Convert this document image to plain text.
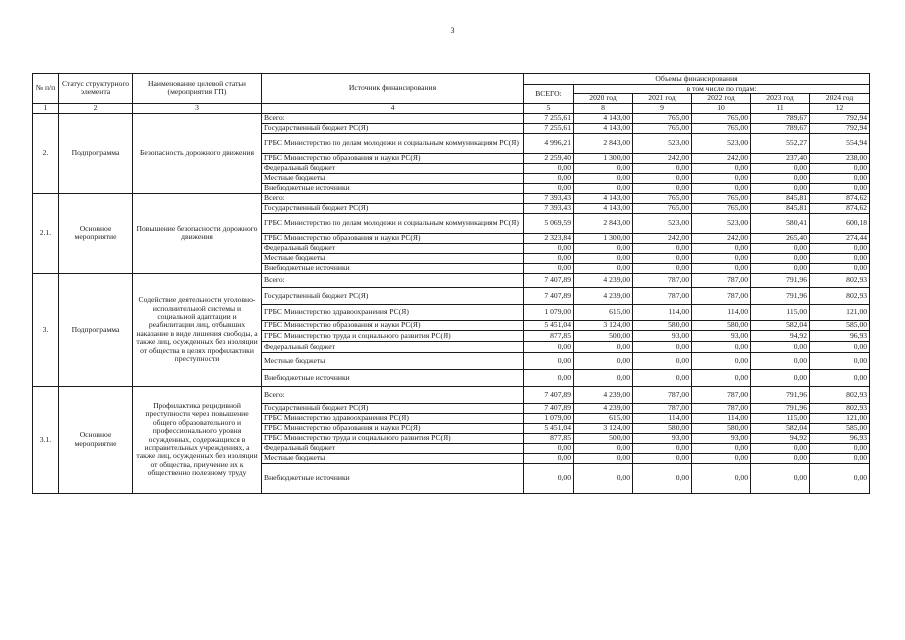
3
№ п/п	Статус структурного элемента	Наименование целевой статьи (мероприятия ГП)	Источник финансирования	Объемы финансирования					
				ВСЕГО:	в том числе по годам:				
					2020 год	2021 год	2022 год	2023 год	2024 год
1	2	3	4	5	8	9	10	11	12
2.	Подпрограмма	Безопасность дорожного движения	Всего:	7 255,61	4 143,00	765,00	765,00	789,67	792,94
			Государственный бюджет РС(Я)	7 255,61	4 143,00	765,00	765,00	789,67	792,94
			ГРБС Министерство по делам молодежи и социальным коммуникациям РС(Я)	4 996,21	2 843,00	523,00	523,00	552,27	554,94
			ГРБС Министерство образования и науки РС(Я)	2 259,40	1 300,00	242,00	242,00	237,40	238,00
			Федеральный бюджет	0,00	0,00	0,00	0,00	0,00	0,00
			Местные бюджеты	0,00	0,00	0,00	0,00	0,00	0,00
			Внебюджетные источники	0,00	0,00	0,00	0,00	0,00	0,00
2.1.	Основное мероприятие	Повышение безопасности дорожного движения	Всего:	7 393,43	4 143,00	765,00	765,00	845,81	874,62
			Государственный бюджет РС(Я)	7 393,43	4 143,00	765,00	765,00	845,81	874,62
			ГРБС Министерство по делам молодежи и социальным коммуникациям РС(Я)	5 069,59	2 843,00	523,00	523,00	580,41	600,18
			ГРБС Министерство образования и науки РС(Я)	2 323,84	1 300,00	242,00	242,00	265,40	274,44
			Федеральный бюджет	0,00	0,00	0,00	0,00	0,00	0,00
			Местные бюджеты	0,00	0,00	0,00	0,00	0,00	0,00
			Внебюджетные источники	0,00	0,00	0,00	0,00	0,00	0,00
3.	Подпрограмма	Содействие деятельности уголовно-исполнительной системы и социальной адаптации и реабилитации лиц, отбывших наказание в виде лишения свободы, а также лиц, осужденных без изоляции от общества в целях профилактики преступности	Всего:	7 407,89	4 239,00	787,00	787,00	791,96	802,93
			Государственный бюджет РС(Я)	7 407,89	4 239,00	787,00	787,00	791,96	802,93
			ГРБС Министерство здравоохранения РС(Я)	1 079,00	615,00	114,00	114,00	115,00	121,00
			ГРБС Министерство образования и науки РС(Я)	5 451,04	3 124,00	580,00	580,00	582,04	585,00
			ГРБС Министерство труда и социального развития РС(Я)	877,85	500,00	93,00	93,00	94,92	96,93
			Федеральный бюджет	0,00	0,00	0,00	0,00	0,00	0,00
			Местные бюджеты	0,00	0,00	0,00	0,00	0,00	0,00
			Внебюджетные источники	0,00	0,00	0,00	0,00	0,00	0,00
3.1.	Основное мероприятие	Профилактика рецидивной преступности через повышение общего образовательного и профессионального уровня осужденных, содержащихся в исправительных учреждениях, а также лиц, осужденных без изоляции от общества, приучение их к общественно полезному труду	Всего:	7 407,89	4 239,00	787,00	787,00	791,96	802,93
			Государственный бюджет РС(Я)	7 407,89	4 239,00	787,00	787,00	791,96	802,93
			ГРБС Министерство здравоохранения РС(Я)	1 079,00	615,00	114,00	114,00	115,00	121,00
			ГРБС Министерство образования и науки РС(Я)	5 451,04	3 124,00	580,00	580,00	582,04	585,00
			ГРБС Министерство труда и социального развития РС(Я)	877,85	500,00	93,00	93,00	94,92	96,93
			Федеральный бюджет	0,00	0,00	0,00	0,00	0,00	0,00
			Местные бюджеты	0,00	0,00	0,00	0,00	0,00	0,00
			Внебюджетные источники	0,00	0,00	0,00	0,00	0,00	0,00
